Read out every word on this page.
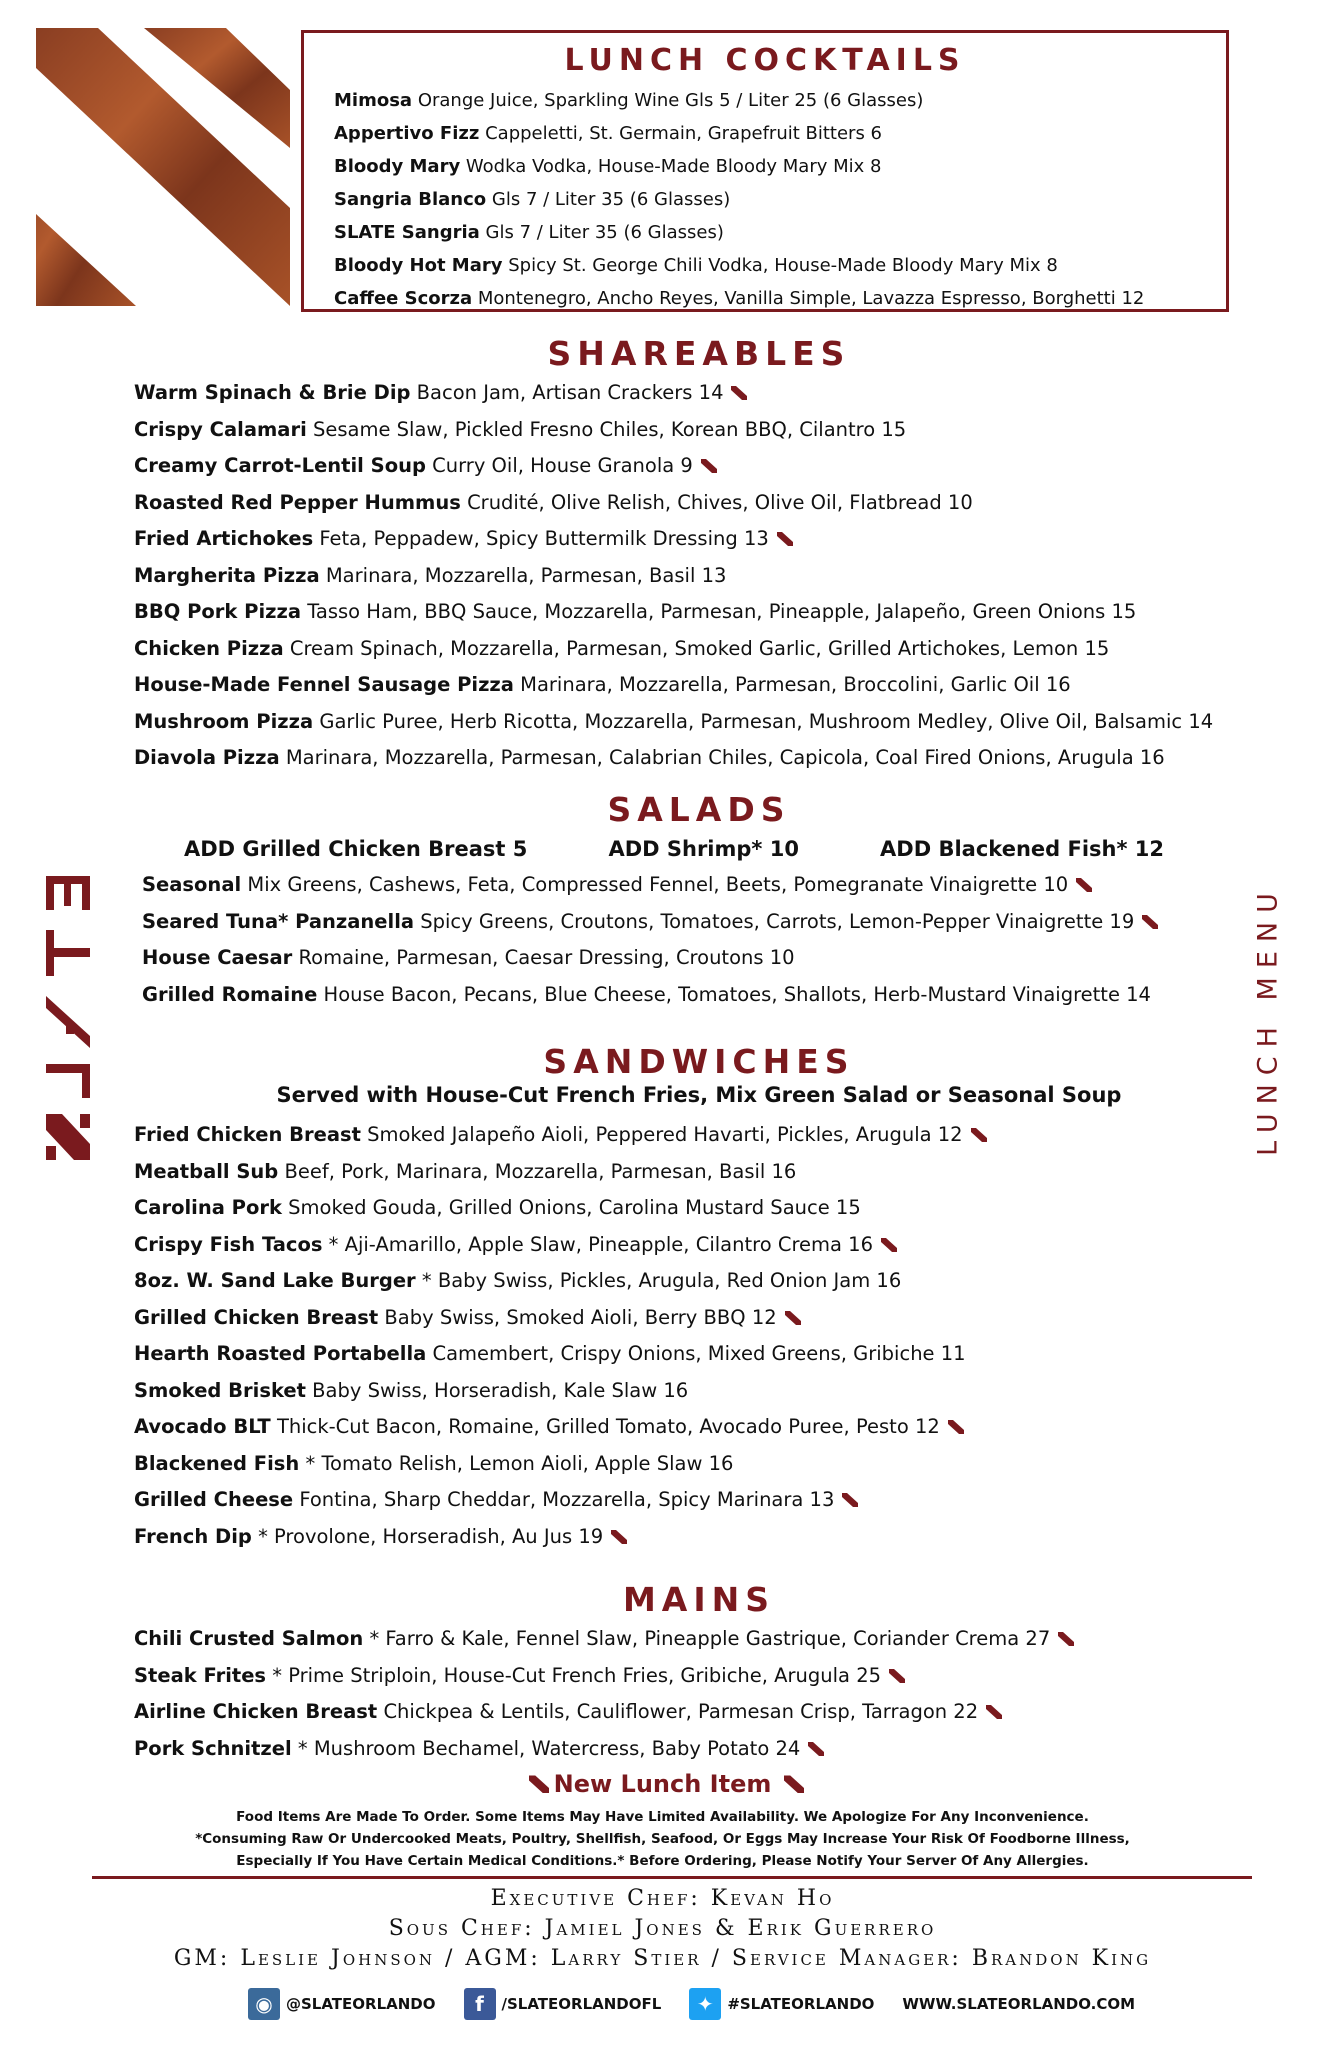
LUNCH COCKTAILS
Mimosa Orange Juice, Sparkling Wine Gls 5 / Liter 25 (6 Glasses)
Appertivo Fizz Cappeletti, St. Germain, Grapefruit Bitters 6
Bloody Mary Wodka Vodka, House-Made Bloody Mary Mix 8
Sangria Blanco Gls 7 / Liter 35 (6 Glasses)
SLATE Sangria Gls 7 / Liter 35 (6 Glasses)
Bloody Hot Mary Spicy St. George Chili Vodka, House-Made Bloody Mary Mix 8
Caffee Scorza Montenegro, Ancho Reyes, Vanilla Simple, Lavazza Espresso, Borghetti 12
LUNCH MENU
SHAREABLES
Warm Spinach & Brie Dip Bacon Jam, Artisan Crackers 14
Crispy Calamari Sesame Slaw, Pickled Fresno Chiles, Korean BBQ, Cilantro 15
Creamy Carrot-Lentil Soup Curry Oil, House Granola 9
Roasted Red Pepper Hummus Crudité, Olive Relish, Chives, Olive Oil, Flatbread 10
Fried Artichokes Feta, Peppadew, Spicy Buttermilk Dressing 13
Margherita Pizza Marinara, Mozzarella, Parmesan, Basil 13
BBQ Pork Pizza Tasso Ham, BBQ Sauce, Mozzarella, Parmesan, Pineapple, Jalapeño, Green Onions 15
Chicken Pizza Cream Spinach, Mozzarella, Parmesan, Smoked Garlic, Grilled Artichokes, Lemon 15
House-Made Fennel Sausage Pizza Marinara, Mozzarella, Parmesan, Broccolini, Garlic Oil 16
Mushroom Pizza Garlic Puree, Herb Ricotta, Mozzarella, Parmesan, Mushroom Medley, Olive Oil, Balsamic 14
Diavola Pizza Marinara, Mozzarella, Parmesan, Calabrian Chiles, Capicola, Coal Fired Onions, Arugula 16
SALADS
ADD Grilled Chicken Breast 5	ADD Shrimp* 10	ADD Blackened Fish* 12
Seasonal Mix Greens, Cashews, Feta, Compressed Fennel, Beets, Pomegranate Vinaigrette 10
Seared Tuna* Panzanella Spicy Greens, Croutons, Tomatoes, Carrots, Lemon-Pepper Vinaigrette 19
House Caesar Romaine, Parmesan, Caesar Dressing, Croutons 10
Grilled Romaine House Bacon, Pecans, Blue Cheese, Tomatoes, Shallots, Herb-Mustard Vinaigrette 14
SANDWICHES
Served with House-Cut French Fries, Mix Green Salad or Seasonal Soup
Fried Chicken Breast Smoked Jalapeño Aioli, Peppered Havarti, Pickles, Arugula 12
Meatball Sub Beef, Pork, Marinara, Mozzarella, Parmesan, Basil 16
Carolina Pork Smoked Gouda, Grilled Onions, Carolina Mustard Sauce 15
Crispy Fish Tacos * Aji-Amarillo, Apple Slaw, Pineapple, Cilantro Crema 16
8oz. W. Sand Lake Burger * Baby Swiss, Pickles, Arugula, Red Onion Jam 16
Grilled Chicken Breast Baby Swiss, Smoked Aioli, Berry BBQ 12
Hearth Roasted Portabella Camembert, Crispy Onions, Mixed Greens, Gribiche 11
Smoked Brisket Baby Swiss, Horseradish, Kale Slaw 16
Avocado BLT Thick-Cut Bacon, Romaine, Grilled Tomato, Avocado Puree, Pesto 12
Blackened Fish * Tomato Relish, Lemon Aioli, Apple Slaw 16
Grilled Cheese Fontina, Sharp Cheddar, Mozzarella, Spicy Marinara 13
French Dip * Provolone, Horseradish, Au Jus 19
MAINS
Chili Crusted Salmon * Farro & Kale, Fennel Slaw, Pineapple Gastrique, Coriander Crema 27
Steak Frites * Prime Striploin, House-Cut French Fries, Gribiche, Arugula 25
Airline Chicken Breast Chickpea & Lentils, Cauliflower, Parmesan Crisp, Tarragon 22
Pork Schnitzel * Mushroom Bechamel, Watercress, Baby Potato 24
New Lunch Item
Food Items Are Made To Order. Some Items May Have Limited Availability. We Apologize For Any Inconvenience.
*Consuming Raw Or Undercooked Meats, Poultry, Shellfish, Seafood, Or Eggs May Increase Your Risk Of Foodborne Illness,
Especially If You Have Certain Medical Conditions.* Before Ordering, Please Notify Your Server Of Any Allergies.
Executive Chef: Kevan Ho
Sous Chef: Jamiel Jones & Erik Guerrero
GM: Leslie Johnson / AGM: Larry Stier / Service Manager: Brandon King
◉ @SLATEORLANDO	f	/SLATEORLANDOFL	✦ #SLATEORLANDO WWW.SLATEORLANDO.COM
